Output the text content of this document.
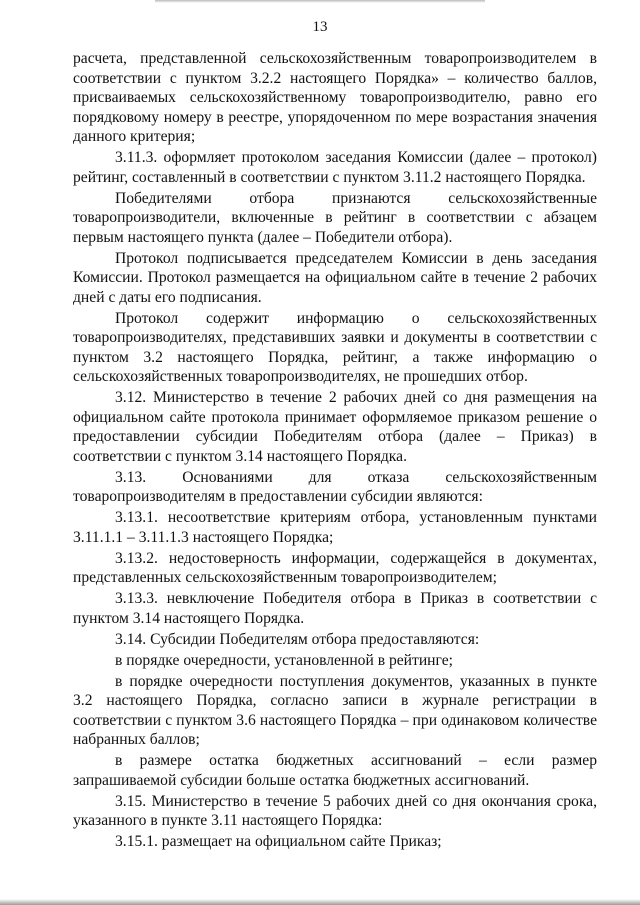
13

расчета, представленной сельскохозяйственным товаропроизводителем в соответствии с пунктом 3.2.2 настоящего Порядка» – количество баллов, присваиваемых сельскохозяйственному товаропроизводителю, равно его порядковому номеру в реестре, упорядоченном по мере возрастания значения данного критерия;

3.11.3. оформляет протоколом заседания Комиссии (далее – протокол) рейтинг, составленный в соответствии с пунктом 3.11.2 настоящего Порядка.

Победителями отбора признаются сельскохозяйственные товаропроизводители, включенные в рейтинг в соответствии с абзацем первым настоящего пункта (далее – Победители отбора).

Протокол подписывается председателем Комиссии в день заседания Комиссии. Протокол размещается на официальном сайте в течение 2 рабочих дней с даты его подписания.

Протокол содержит информацию о сельскохозяйственных товаропроизводителях, представивших заявки и документы в соответствии с пунктом 3.2 настоящего Порядка, рейтинг, а также информацию о сельскохозяйственных товаропроизводителях, не прошедших отбор.

3.12. Министерство в течение 2 рабочих дней со дня размещения на официальном сайте протокола принимает оформляемое приказом решение о предоставлении субсидии Победителям отбора (далее – Приказ) в соответствии с пунктом 3.14 настоящего Порядка.

3.13. Основаниями для отказа сельскохозяйственным товаропроизводителям в предоставлении субсидии являются:

3.13.1. несоответствие критериям отбора, установленным пунктами 3.11.1.1 – 3.11.1.3 настоящего Порядка;

3.13.2. недостоверность информации, содержащейся в документах, представленных сельскохозяйственным товаропроизводителем;

3.13.3. невключение Победителя отбора в Приказ в соответствии с пунктом 3.14 настоящего Порядка.

3.14. Субсидии Победителям отбора предоставляются:

в порядке очередности, установленной в рейтинге;

в порядке очередности поступления документов, указанных в пункте 3.2 настоящего Порядка, согласно записи в журнале регистрации в соответствии с пунктом 3.6 настоящего Порядка – при одинаковом количестве набранных баллов;

в размере остатка бюджетных ассигнований – если размер запрашиваемой субсидии больше остатка бюджетных ассигнований.

3.15. Министерство в течение 5 рабочих дней со дня окончания срока, указанного в пункте 3.11 настоящего Порядка:

3.15.1. размещает на официальном сайте Приказ;
